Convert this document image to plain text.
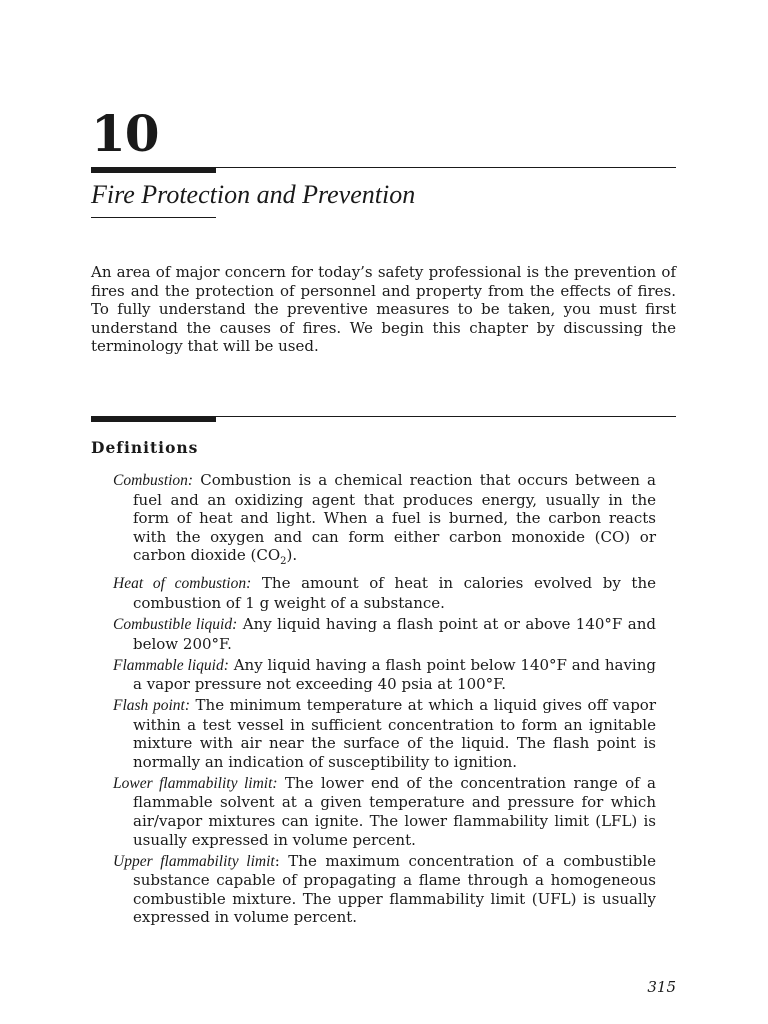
10
Fire Protection and Prevention

An area of major concern for today’s safety professional is the prevention of fires and the protection of personnel and property from the effects of fires. To fully understand the preventive measures to be taken, you must first understand the causes of fires. We begin this chapter by discussing the terminology that will be used.

Definitions

Combustion: Combustion is a chemical reaction that occurs between a fuel and an oxidizing agent that produces energy, usually in the form of heat and light. When a fuel is burned, the carbon reacts with the oxygen and can form either carbon monoxide (CO) or carbon dioxide $(CO_2)$.

Heat of combustion: The amount of heat in calories evolved by the combustion of 1 g weight of a substance.

Combustible liquid: Any liquid having a flash point at or above 140°F and below 200°F.

Flammable liquid: Any liquid having a flash point below 140°F and having a vapor pressure not exceeding 40 psia at 100°F.

Flash point: The minimum temperature at which a liquid gives off vapor within a test vessel in sufficient concentration to form an ignitable mixture with air near the surface of the liquid. The flash point is normally an indication of susceptibility to ignition.

Lower flammability limit: The lower end of the concentration range of a flammable solvent at a given temperature and pressure for which air/vapor mixtures can ignite. The lower flammability limit (LFL) is usually expressed in volume percent.

Upper flammability limit: The maximum concentration of a combustible substance capable of propagating a flame through a homogeneous combustible mixture. The upper flammability limit (UFL) is usually expressed in volume percent.

315
